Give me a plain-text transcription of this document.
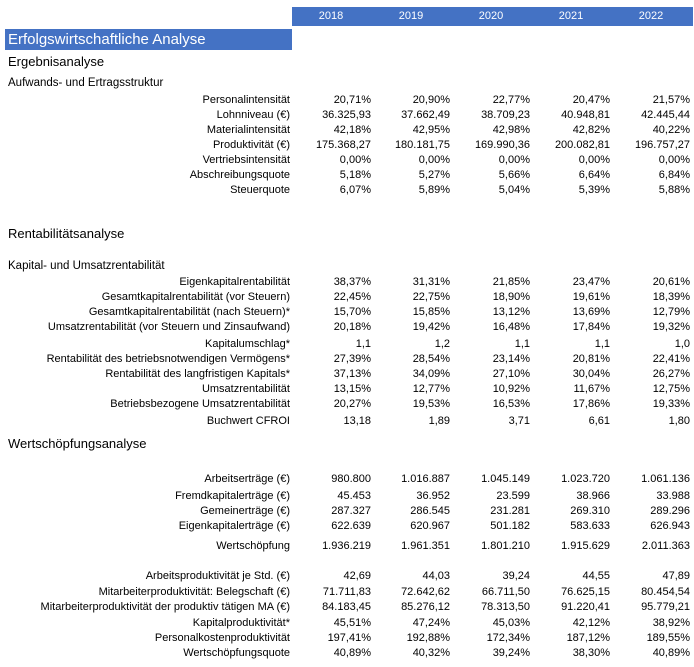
2018	2019	2020	2021	2022
Erfolgswirtschaftliche Analyse
Ergebnisanalyse
Aufwands- und Ertragsstruktur
Rentabilitätsanalyse
Kapital- und Umsatzrentabilität
Wertschöpfungsanalyse
Personalintensität	20,71%	20,90%	22,77%	20,47%	21,57%
Lohnniveau (€)	36.325,93	37.662,49	38.709,23	40.948,81	42.445,44
Materialintensität	42,18%	42,95%	42,98%	42,82%	40,22%
Produktivität (€)	175.368,27	180.181,75	169.990,36	200.082,81	196.757,27
Vertriebsintensität	0,00%	0,00%	0,00%	0,00%	0,00%
Abschreibungsquote	5,18%	5,27%	5,66%	6,64%	6,84%
Steuerquote	6,07%	5,89%	5,04%	5,39%	5,88%
Eigenkapitalrentabilität	38,37%	31,31%	21,85%	23,47%	20,61%
Gesamtkapitalrentabilität (vor Steuern)	22,45%	22,75%	18,90%	19,61%	18,39%
Gesamtkapitalrentabilität (nach Steuern)*	15,70%	15,85%	13,12%	13,69%	12,79%
Umsatzrentabilität (vor Steuern und Zinsaufwand)	20,18%	19,42%	16,48%	17,84%	19,32%
Kapitalumschlag*	1,1	1,2	1,1	1,1	1,0
Rentabilität des betriebsnotwendigen Vermögens*	27,39%	28,54%	23,14%	20,81%	22,41%
Rentabilität des langfristigen Kapitals*	37,13%	34,09%	27,10%	30,04%	26,27%
Umsatzrentabilität	13,15%	12,77%	10,92%	11,67%	12,75%
Betriebsbezogene Umsatzrentabilität	20,27%	19,53%	16,53%	17,86%	19,33%
Buchwert CFROI	13,18	1,89	3,71	6,61	1,80
Arbeitserträge (€)	980.800	1.016.887	1.045.149	1.023.720	1.061.136
Fremdkapitalerträge (€)	45.453	36.952	23.599	38.966	33.988
Gemeinerträge (€)	287.327	286.545	231.281	269.310	289.296
Eigenkapitalerträge (€)	622.639	620.967	501.182	583.633	626.943
Wertschöpfung	1.936.219	1.961.351	1.801.210	1.915.629	2.011.363
Arbeitsproduktivität je Std. (€)	42,69	44,03	39,24	44,55	47,89
Mitarbeiterproduktivität: Belegschaft (€)	71.711,83	72.642,62	66.711,50	76.625,15	80.454,54
Mitarbeiterproduktivität der produktiv tätigen MA (€)	84.183,45	85.276,12	78.313,50	91.220,41	95.779,21
Kapitalproduktivität*	45,51%	47,24%	45,03%	42,12%	38,92%
Personalkostenproduktivität	197,41%	192,88%	172,34%	187,12%	189,55%
Wertschöpfungsquote	40,89%	40,32%	39,24%	38,30%	40,89%
